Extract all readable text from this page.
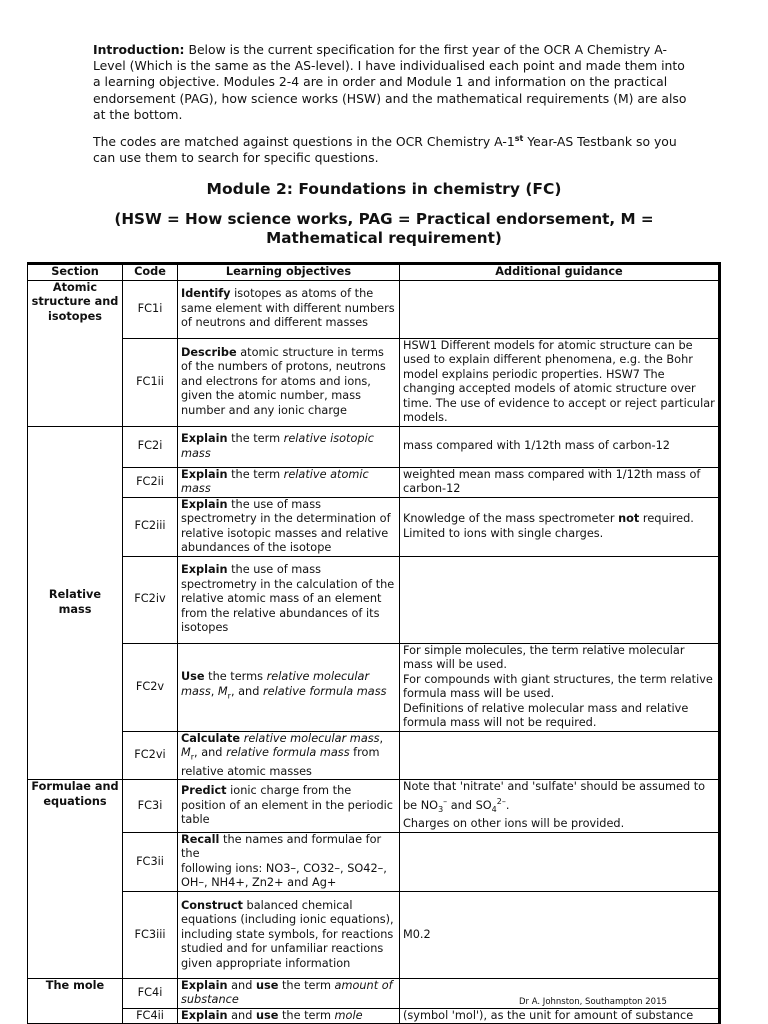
Introduction: Below is the current specification for the first year of the OCR A Chemistry A-Level (Which is the same as the AS-level). I have individualised each point and made them into a learning objective. Modules 2-4 are in order and Module 1 and information on the practical endorsement (PAG), how science works (HSW) and the mathematical requirements (M) are also at the bottom.

The codes are matched against questions in the OCR Chemistry A-1st Year-AS Testbank so you can use them to search for specific questions.

Module 2: Foundations in chemistry (FC)
(HSW = How science works, PAG = Practical endorsement, M = Mathematical requirement)
Section	Code	Learning objectives	Additional guidance
Atomic structure and isotopes	FC1i	Identify isotopes as atoms of the same element with different numbers of neutrons and different masses	
	FC1ii	Describe atomic structure in terms of the numbers of protons, neutrons and electrons for atoms and ions, given the atomic number, mass number and any ionic charge	HSW1 Different models for atomic structure can be used to explain different phenomena, e.g. the Bohr model explains periodic properties. HSW7 The changing accepted models of atomic structure over time. The use of evidence to accept or reject particular models.
Relative mass	FC2i	Explain the term relative isotopic mass	mass compared with 1/12th mass of carbon-12
	FC2ii	Explain the term relative atomic mass	weighted mean mass compared with 1/12th mass of carbon-12
	FC2iii	Explain the use of mass spectrometry in the determination of relative isotopic masses and relative abundances of the isotope	Knowledge of the mass spectrometer not required. Limited to ions with single charges.
	FC2iv	Explain the use of mass spectrometry in the calculation of the relative atomic mass of an element from the relative abundances of its
isotopes	
	FC2v	Use the terms relative molecular mass, $M_r$, and relative formula mass	For simple molecules, the term relative molecular mass will be used.
For compounds with giant structures, the term relative formula mass will be used.
Definitions of relative molecular mass and relative formula mass will not be required.

	FC2vi	Calculate relative molecular mass, $M_r$, and relative formula mass from relative atomic masses	
Formulae and equations	FC3i	Predict ionic charge from the position of an element in the periodic table	Note that 'nitrate' and 'sulfate' should be assumed to be $NO_3^-$ and $SO_4^{2-}$.
Charges on other ions will be provided.
	FC3ii	Recall the names and formulae for the
following ions: NO3–, CO32–, SO42–, OH–, NH4+, Zn2+ and Ag+	
	FC3iii	Construct balanced chemical equations (including ionic equations), including state symbols, for reactions studied and for unfamiliar reactions given appropriate information	M0.2
The mole	FC4i	Explain and use the term amount of substance	
	FC4ii	Explain and use the term mole	(symbol 'mol'), as the unit for amount of substance
Dr A. Johnston, Southampton 2015
